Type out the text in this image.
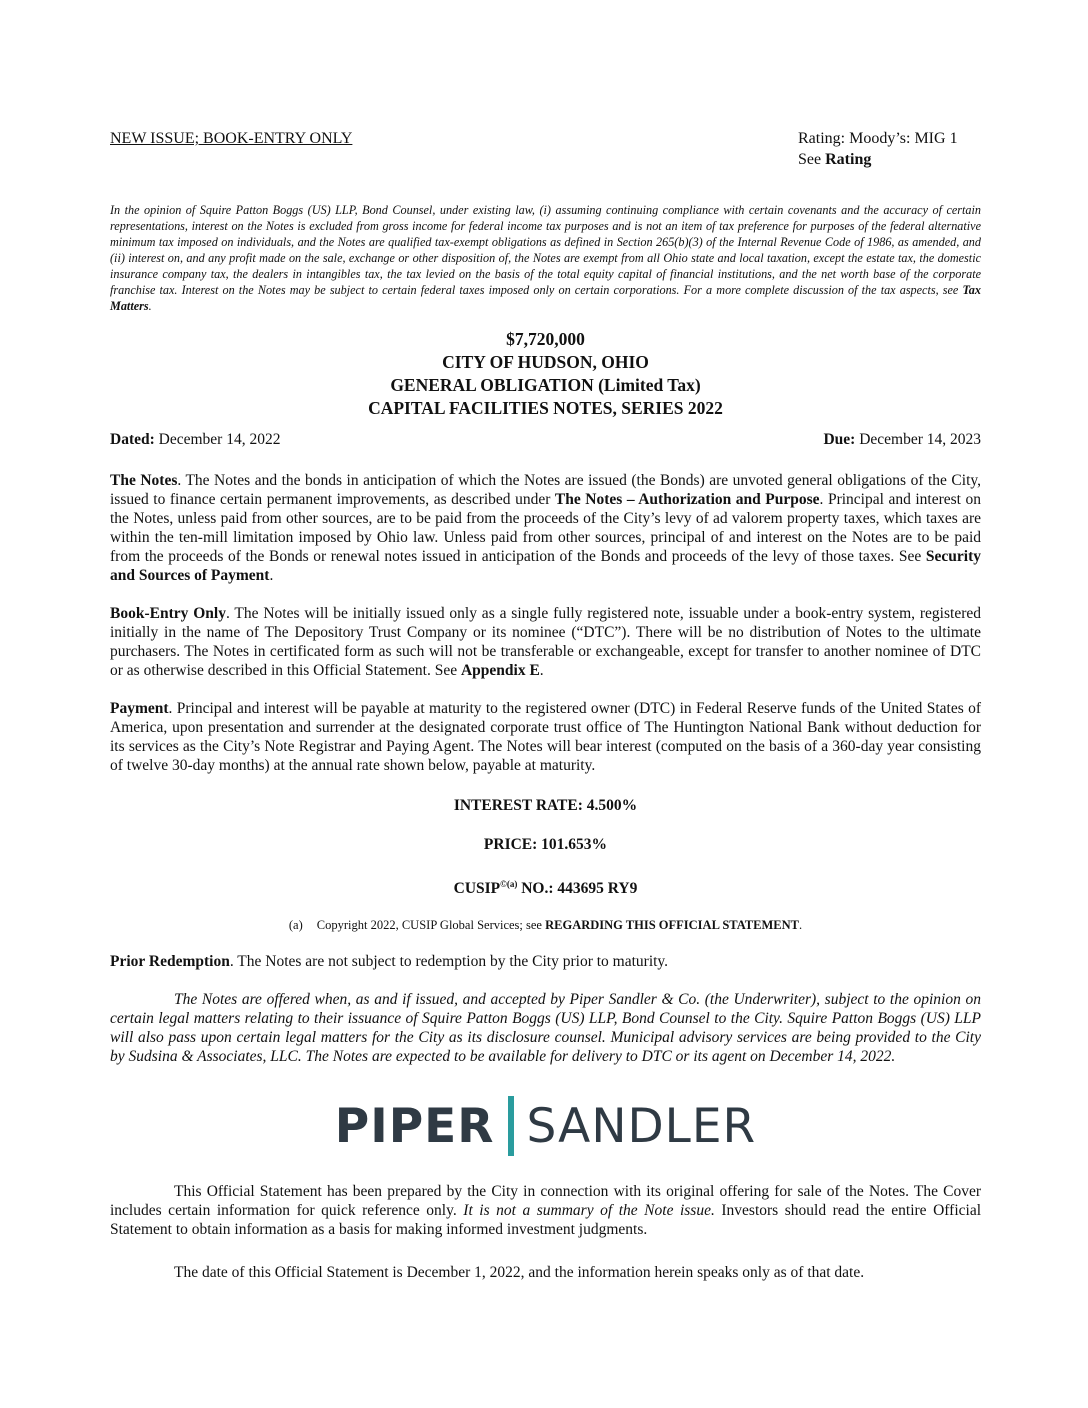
NEW ISSUE; BOOK-ENTRY ONLY	Rating: Moody’s: MIG 1
See Rating

In the opinion of Squire Patton Boggs (US) LLP, Bond Counsel, under existing law, (i) assuming continuing compliance with certain covenants and the accuracy of certain representations, interest on the Notes is excluded from gross income for federal income tax purposes and is not an item of tax preference for purposes of the federal alternative minimum tax imposed on individuals, and the Notes are qualified tax-exempt obligations as defined in Section 265(b)(3) of the Internal Revenue Code of 1986, as amended, and (ii) interest on, and any profit made on the sale, exchange or other disposition of, the Notes are exempt from all Ohio state and local taxation, except the estate tax, the domestic insurance company tax, the dealers in intangibles tax, the tax levied on the basis of the total equity capital of financial institutions, and the net worth base of the corporate franchise tax. Interest on the Notes may be subject to certain federal taxes imposed only on certain corporations. For a more complete discussion of the tax aspects, see Tax Matters.

$7,720,000
CITY OF HUDSON, OHIO
GENERAL OBLIGATION (Limited Tax)
CAPITAL FACILITIES NOTES, SERIES 2022
Dated: December 14, 2022	Due: December 14, 2023

The Notes. The Notes and the bonds in anticipation of which the Notes are issued (the Bonds) are unvoted general obligations of the City, issued to finance certain permanent improvements, as described under The Notes – Authorization and Purpose. Principal and interest on the Notes, unless paid from other sources, are to be paid from the proceeds of the City’s levy of ad valorem property taxes, which taxes are within the ten-mill limitation imposed by Ohio law. Unless paid from other sources, principal of and interest on the Notes are to be paid from the proceeds of the Bonds or renewal notes issued in anticipation of the Bonds and proceeds of the levy of those taxes. See Security and Sources of Payment.

Book-Entry Only. The Notes will be initially issued only as a single fully registered note, issuable under a book-entry system, registered initially in the name of The Depository Trust Company or its nominee (“DTC”). There will be no distribution of Notes to the ultimate purchasers. The Notes in certificated form as such will not be transferable or exchangeable, except for transfer to another nominee of DTC or as otherwise described in this Official Statement. See Appendix E.

Payment. Principal and interest will be payable at maturity to the registered owner (DTC) in Federal Reserve funds of the United States of America, upon presentation and surrender at the designated corporate trust office of The Huntington National Bank without deduction for its services as the City’s Note Registrar and Paying Agent. The Notes will bear interest (computed on the basis of a 360-day year consisting of twelve 30-day months) at the annual rate shown below, payable at maturity.

INTEREST RATE: 4.500%
PRICE: 101.653%
$CUSIP^{©(a)}$ NO.: 443695 RY9
(a) Copyright 2022, CUSIP Global Services; see REGARDING THIS OFFICIAL STATEMENT.

Prior Redemption. The Notes are not subject to redemption by the City prior to maturity.

The Notes are offered when, as and if issued, and accepted by Piper Sandler & Co. (the Underwriter), subject to the opinion on certain legal matters relating to their issuance of Squire Patton Boggs (US) LLP, Bond Counsel to the City. Squire Patton Boggs (US) LLP will also pass upon certain legal matters for the City as its disclosure counsel. Municipal advisory services are being provided to the City by Sudsina & Associates, LLC. The Notes are expected to be available for delivery to DTC or its agent on December 14, 2022.

PIPER SANDLER

This Official Statement has been prepared by the City in connection with its original offering for sale of the Notes. The Cover includes certain information for quick reference only. It is not a summary of the Note issue. Investors should read the entire Official Statement to obtain information as a basis for making informed investment judgments.

The date of this Official Statement is December 1, 2022, and the information herein speaks only as of that date.
